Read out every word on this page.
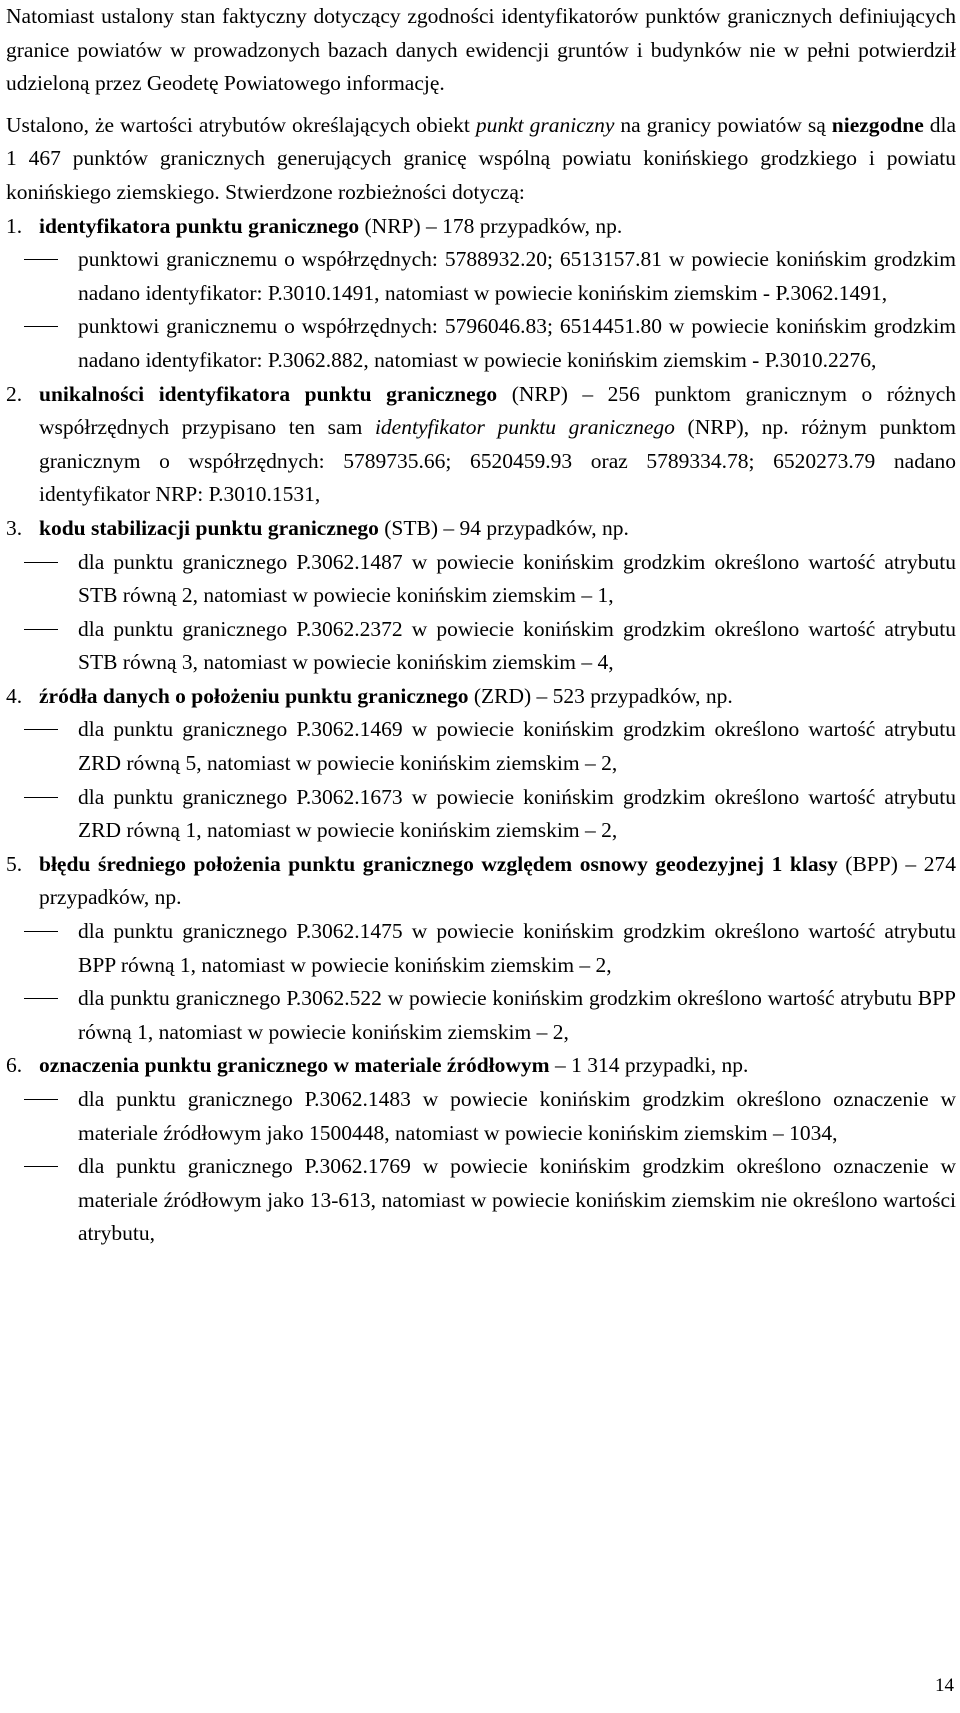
Natomiast ustalony stan faktyczny dotyczący zgodności identyfikatorów punktów granicznych definiujących granice powiatów w prowadzonych bazach danych ewidencji gruntów i budynków nie w pełni potwierdził udzieloną przez Geodetę Powiatowego informację.

Ustalono, że wartości atrybutów określających obiekt punkt graniczny na granicy powiatów są niezgodne dla 1 467 punktów granicznych generujących granicę wspólną powiatu konińskiego grodzkiego i powiatu konińskiego ziemskiego. Stwierdzone rozbieżności dotyczą:

1. identyfikatora punktu granicznego (NRP) – 178 przypadków, np.
punktowi granicznemu o współrzędnych: 5788932.20; 6513157.81 w powiecie konińskim grodzkim nadano identyfikator: P.3010.1491, natomiast w powiecie konińskim ziemskim - P.3062.1491,
punktowi granicznemu o współrzędnych: 5796046.83; 6514451.80 w powiecie konińskim grodzkim nadano identyfikator: P.3062.882, natomiast w powiecie konińskim ziemskim - P.3010.2276,
2. unikalności identyfikatora punktu granicznego (NRP) – 256 punktom granicznym o różnych współrzędnych przypisano ten sam identyfikator punktu granicznego (NRP), np. różnym punktom granicznym o współrzędnych: 5789735.66; 6520459.93 oraz 5789334.78; 6520273.79 nadano identyfikator NRP: P.3010.1531,
3. kodu stabilizacji punktu granicznego (STB) – 94 przypadków, np.
dla punktu granicznego P.3062.1487 w powiecie konińskim grodzkim określono wartość atrybutu STB równą 2, natomiast w powiecie konińskim ziemskim – 1,
dla punktu granicznego P.3062.2372 w powiecie konińskim grodzkim określono wartość atrybutu STB równą 3, natomiast w powiecie konińskim ziemskim – 4,
4. źródła danych o położeniu punktu granicznego (ZRD) – 523 przypadków, np.
dla punktu granicznego P.3062.1469 w powiecie konińskim grodzkim określono wartość atrybutu ZRD równą 5, natomiast w powiecie konińskim ziemskim – 2,
dla punktu granicznego P.3062.1673 w powiecie konińskim grodzkim określono wartość atrybutu ZRD równą 1, natomiast w powiecie konińskim ziemskim – 2,
5. błędu średniego położenia punktu granicznego względem osnowy geodezyjnej 1 klasy (BPP) – 274 przypadków, np.
dla punktu granicznego P.3062.1475 w powiecie konińskim grodzkim określono wartość atrybutu BPP równą 1, natomiast w powiecie konińskim ziemskim – 2,
dla punktu granicznego P.3062.522 w powiecie konińskim grodzkim określono wartość atrybutu BPP równą 1, natomiast w powiecie konińskim ziemskim – 2,
6. oznaczenia punktu granicznego w materiale źródłowym – 1 314 przypadki, np.
dla punktu granicznego P.3062.1483 w powiecie konińskim grodzkim określono oznaczenie w materiale źródłowym jako 1500448, natomiast w powiecie konińskim ziemskim – 1034,
dla punktu granicznego P.3062.1769 w powiecie konińskim grodzkim określono oznaczenie w materiale źródłowym jako 13-613, natomiast w powiecie konińskim ziemskim nie określono wartości atrybutu,
14
